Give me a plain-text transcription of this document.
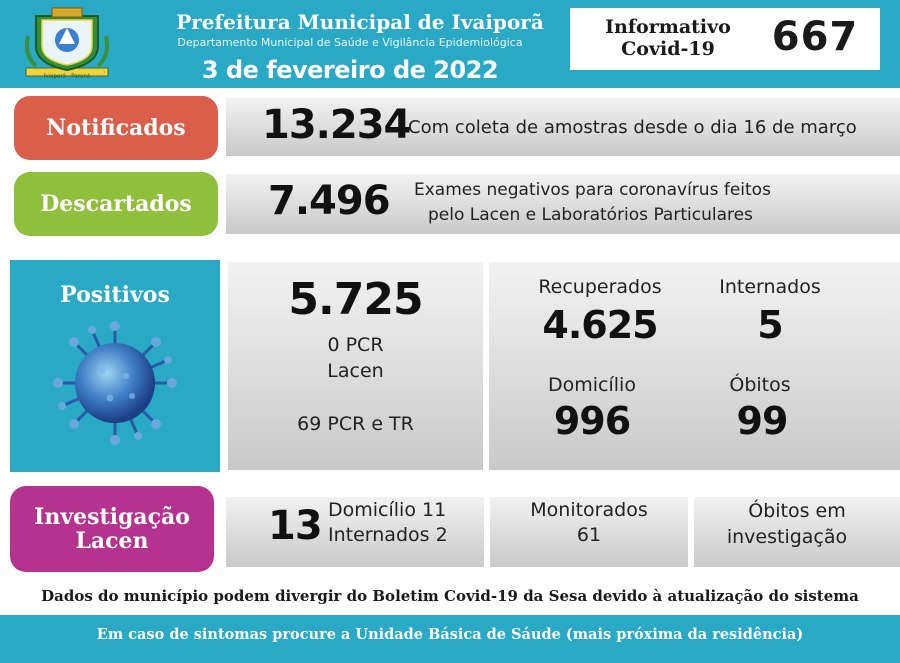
Ivaiporã · Paraná
Prefeitura Municipal de Ivaiporã
Departamento Municipal de Saúde e Vigilância Epidemiológica
3 de fevereiro de 2022
Informativo
Covid-19	667
Notificados	13.234
Com coleta de amostras desde o dia 16 de março
Descartados	7.496 Exames negativos para coronavírus feitos
pelo Lacen e Laboratórios Particulares
Positivos	5.725
0 PCR
Lacen
69 PCR e TR
Recuperados
4.625
Internados
5
Domicílio
996
Óbitos
99
Investigação
Lacen	13 Domicílio 11
Internados 2
Monitorados
61
Óbitos em
investigação
Dados do município podem divergir do Boletim Covid-19 da Sesa devido à atualização do sistema
Em caso de sintomas procure a Unidade Básica de Sáude (mais próxima da residência)
